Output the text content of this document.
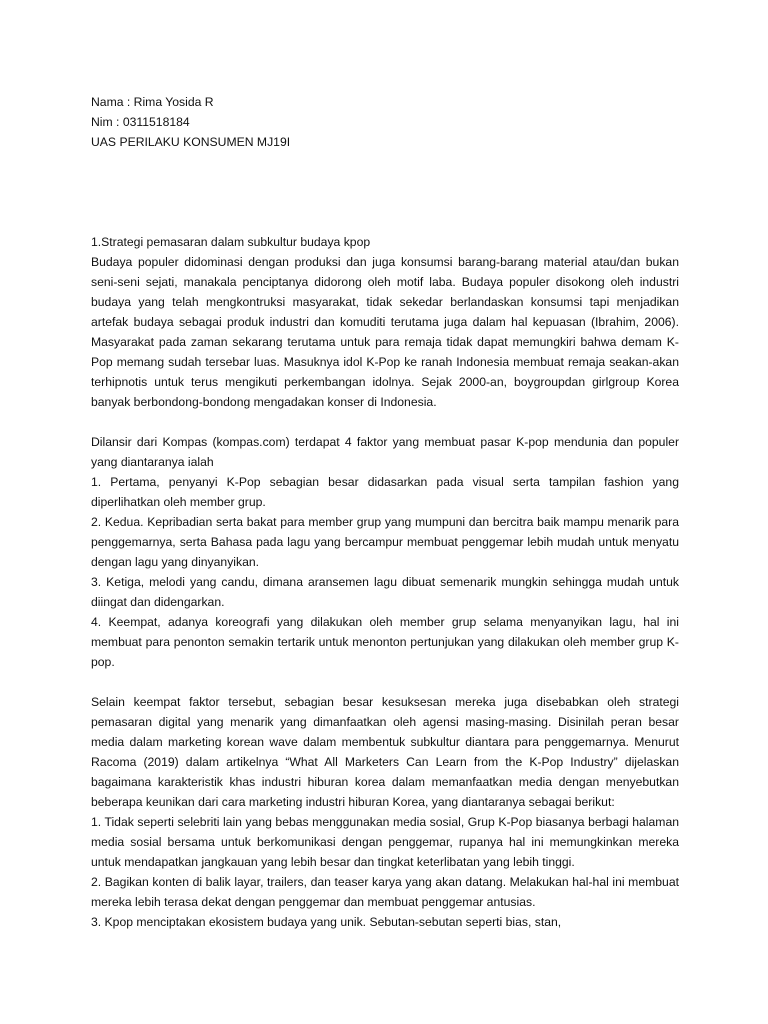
Nama : Rima Yosida R

Nim : 0311518184

UAS PERILAKU KONSUMEN MJ19I

1.Strategi pemasaran dalam subkultur budaya kpop

Budaya populer didominasi dengan produksi dan juga konsumsi barang-barang material atau/dan bukan seni-seni sejati, manakala penciptanya didorong oleh motif laba. Budaya populer disokong oleh industri budaya yang telah mengkontruksi masyarakat, tidak sekedar berlandaskan konsumsi tapi menjadikan artefak budaya sebagai produk industri dan komuditi terutama juga dalam hal kepuasan (Ibrahim, 2006). Masyarakat pada zaman sekarang terutama untuk para remaja tidak dapat memungkiri bahwa demam K-Pop memang sudah tersebar luas. Masuknya idol K-Pop ke ranah Indonesia membuat remaja seakan-akan terhipnotis untuk terus mengikuti perkembangan idolnya. Sejak 2000-an, boygroupdan girlgroup Korea banyak berbondong-bondong mengadakan konser di Indonesia.

Dilansir dari Kompas (kompas.com) terdapat 4 faktor yang membuat pasar K-pop mendunia dan populer yang diantaranya ialah

1. Pertama, penyanyi K-Pop sebagian besar didasarkan pada visual serta tampilan fashion yang diperlihatkan oleh member grup.

2. Kedua. Kepribadian serta bakat para member grup yang mumpuni dan bercitra baik mampu menarik para penggemarnya, serta Bahasa pada lagu yang bercampur membuat penggemar lebih mudah untuk menyatu dengan lagu yang dinyanyikan.

3. Ketiga, melodi yang candu, dimana aransemen lagu dibuat semenarik mungkin sehingga mudah untuk diingat dan didengarkan.

4. Keempat, adanya koreografi yang dilakukan oleh member grup selama menyanyikan lagu, hal ini membuat para penonton semakin tertarik untuk menonton pertunjukan yang dilakukan oleh member grup K-pop.

Selain keempat faktor tersebut, sebagian besar kesuksesan mereka juga disebabkan oleh strategi pemasaran digital yang menarik yang dimanfaatkan oleh agensi masing-masing. Disinilah peran besar media dalam marketing korean wave dalam membentuk subkultur diantara para penggemarnya. Menurut Racoma (2019) dalam artikelnya “What All Marketers Can Learn from the K-Pop Industry” dijelaskan bagaimana karakteristik khas industri hiburan korea dalam memanfaatkan media dengan menyebutkan beberapa keunikan dari cara marketing industri hiburan Korea, yang diantaranya sebagai berikut:

1. Tidak seperti selebriti lain yang bebas menggunakan media sosial, Grup K-Pop biasanya berbagi halaman media sosial bersama untuk berkomunikasi dengan penggemar, rupanya hal ini memungkinkan mereka untuk mendapatkan jangkauan yang lebih besar dan tingkat keterlibatan yang lebih tinggi.

2. Bagikan konten di balik layar, trailers, dan teaser karya yang akan datang. Melakukan hal-hal ini membuat mereka lebih terasa dekat dengan penggemar dan membuat penggemar antusias.

3. Kpop menciptakan ekosistem budaya yang unik. Sebutan-sebutan seperti bias, stan,
